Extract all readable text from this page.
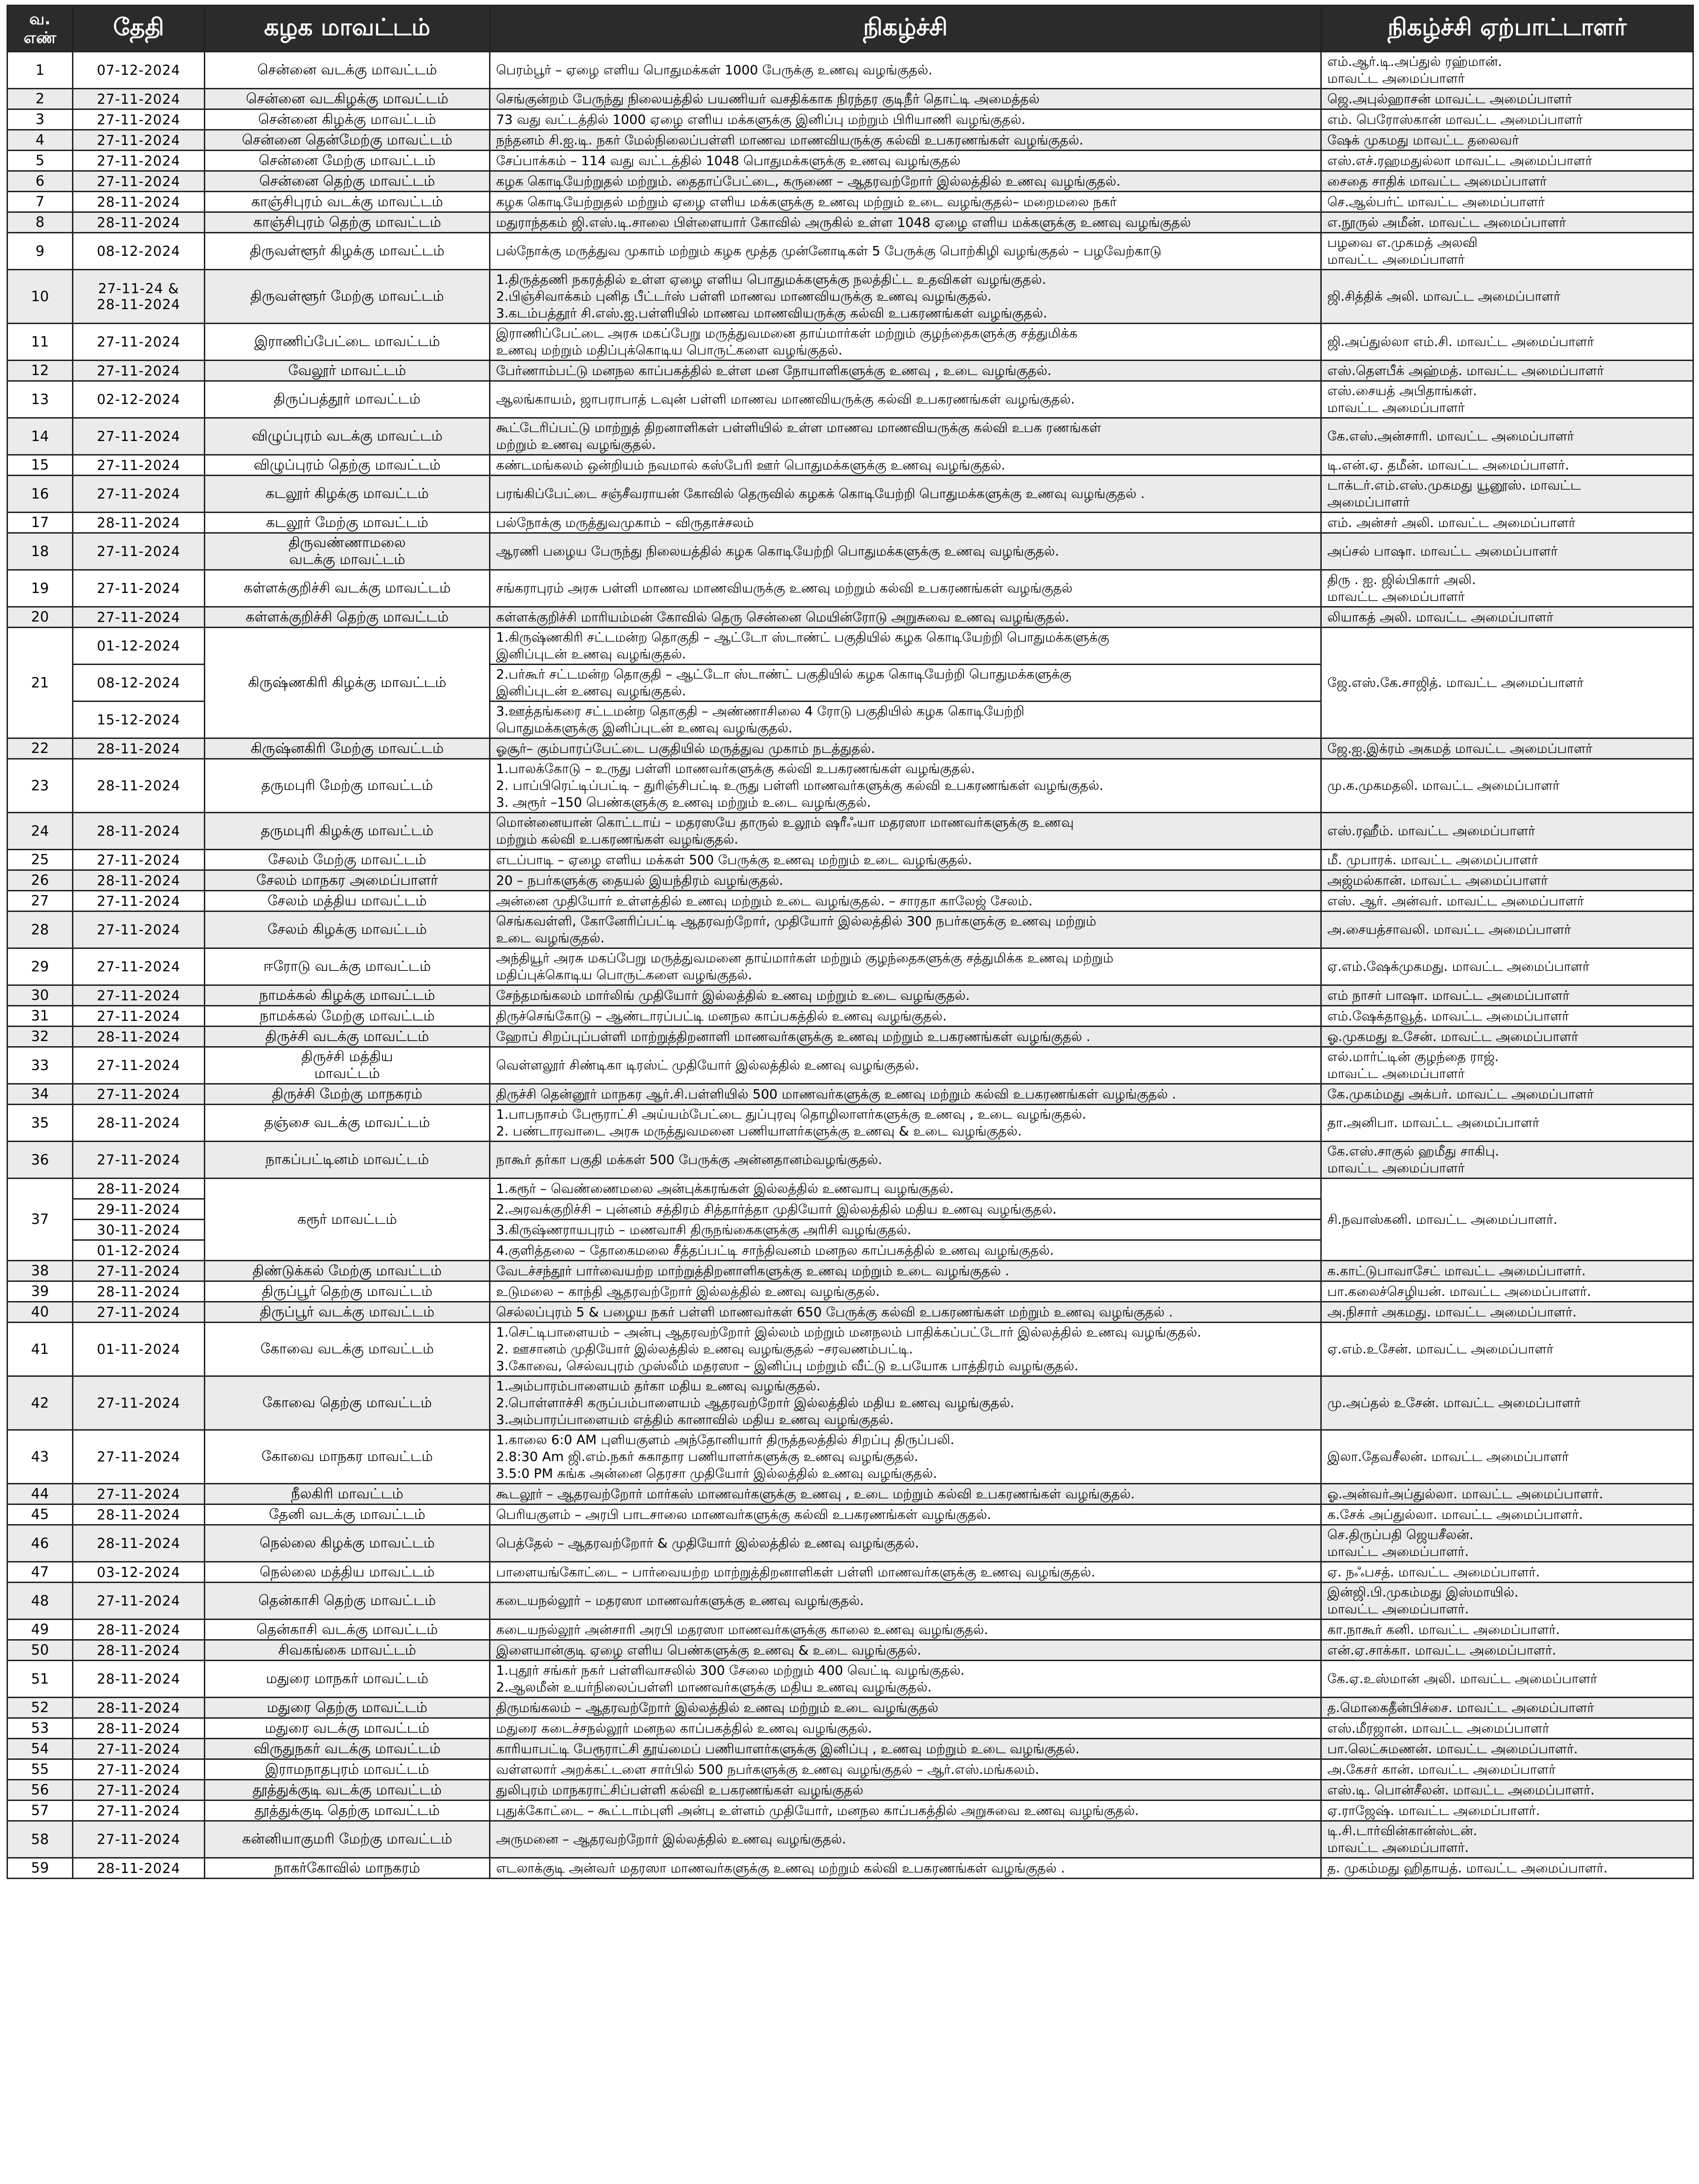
வ. எண்	தேதி	கழக மாவட்டம்	நிகழ்ச்சி	நிகழ்ச்சி ஏற்பாட்டாளர்
1	07-12-2024	சென்னை வடக்கு மாவட்டம்	பெரம்பூர் – ஏழை எளிய பொதுமக்கள் 1000 பேருக்கு உணவு வழங்குதல்.	எம்.ஆர்.டி.அப்துல் ரஹ்மான்.
மாவட்ட அமைப்பாளர்

2	27-11-2024	சென்னை வடகிழக்கு மாவட்டம்	செங்குன்றம் பேருந்து நிலையத்தில் பயணியர் வசதிக்காக நிரந்தர குடிநீர் தொட்டி அமைத்தல்	ஜெ.அபுல்ஹாசன் மாவட்ட அமைப்பாளர்

3	27-11-2024	சென்னை கிழக்கு மாவட்டம்	73 வது வட்டத்தில் 1000 ஏழை எளிய மக்களுக்கு இனிப்பு மற்றும் பிரியாணி வழங்குதல்.	எம். பெரோஸ்கான் மாவட்ட அமைப்பாளர்

4	27-11-2024	சென்னை தென்மேற்கு மாவட்டம்	நந்தனம் சி.ஐ.டி. நகர் மேல்நிலைப்பள்ளி மாணவ மாணவியருக்கு கல்வி உபகரணங்கள் வழங்குதல்.	ஷேக் முகமது மாவட்ட தலைவர்

5	27-11-2024	சென்னை மேற்கு மாவட்டம்	சேப்பாக்கம் – 114 வது வட்டத்தில் 1048 பொதுமக்களுக்கு உணவு வழங்குதல்	எஸ்.எச்.ரஹமதுல்லா மாவட்ட அமைப்பாளர்

6	27-11-2024	சென்னை தெற்கு மாவட்டம்	கழக கொடியேற்றுதல் மற்றும். தைதாப்பேட்டை, கருணை – ஆதரவற்றோர் இல்லத்தில் உணவு வழங்குதல்.	சைதை சாதிக் மாவட்ட அமைப்பாளர்

7	28-11-2024	காஞ்சிபுரம் வடக்கு மாவட்டம்	கழக கொடியேற்றுதல் மற்றும் ஏழை எளிய மக்களுக்கு உணவு மற்றும் உடை வழங்குதல்– மறைமலை நகர்	செ.ஆல்பர்ட் மாவட்ட அமைப்பாளர்

8	28-11-2024	காஞ்சிபுரம் தெற்கு மாவட்டம்	மதுராந்தகம் ஜி.எஸ்.டி.சாலை பிள்ளையார் கோவில் அருகில் உள்ள 1048 ஏழை எளிய மக்களுக்கு உணவு வழங்குதல்	எ.நூருல் அமீன். மாவட்ட அமைப்பாளர்

9	08-12-2024	திருவள்ளூர் கிழக்கு மாவட்டம்	பல்நோக்கு மருத்துவ முகாம் மற்றும் கழக மூத்த முன்னோடிகள் 5 பேருக்கு பொற்கிழி வழங்குதல் – பழவேற்காடு	பழவை எ.முகமத் அலவி
மாவட்ட அமைப்பாளர்

10	27-11-24 &
28-11-2024	திருவள்ளூர் மேற்கு மாவட்டம்	1.திருத்தணி நகரத்தில் உள்ள ஏழை எளிய பொதுமக்களுக்கு நலத்திட்ட உதவிகள் வழங்குதல்.
2.பிஞ்சிவாக்கம் புனித பீட்டர்ஸ் பள்ளி மாணவ மாணவியருக்கு உணவு வழங்குதல்.
3.கடம்பத்தூர் சி.எஸ்.ஐ.பள்ளியில் மாணவ மாணவியருக்கு கல்வி உபகரணங்கள் வழங்குதல்.	ஜி.சித்திக் அலி. மாவட்ட அமைப்பாளர்

11	27-11-2024	இராணிப்பேட்டை மாவட்டம்	இராணிப்பேட்டை அரசு மகப்பேறு மருத்துவமனை தாய்மார்கள் மற்றும் குழந்தைகளுக்கு சத்துமிக்க
உணவு மற்றும் மதிப்புக்கொடிய பொருட்களை வழங்குதல்.	ஜி.அப்துல்லா எம்.சி. மாவட்ட அமைப்பாளர்

12	27-11-2024	வேலூர் மாவட்டம்	பேர்ணாம்பட்டு மனநல காப்பகத்தில் உள்ள மன நோயாளிகளுக்கு உணவு , உடை வழங்குதல்.	எஸ்.தௌபீக் அஹ்மத். மாவட்ட அமைப்பாளர்

13	02-12-2024	திருப்பத்தூர் மாவட்டம்	ஆலங்காயம், ஜாபராபாத் டவுன் பள்ளி மாணவ மாணவியருக்கு கல்வி உபகரணங்கள் வழங்குதல்.	எஸ்.சையத் அபிதாங்கள்.
மாவட்ட அமைப்பாளர்

14	27-11-2024	விழுப்புரம் வடக்கு மாவட்டம்	கூட்டேரிப்பட்டு மாற்றுத் திறனாளிகள் பள்ளியில் உள்ள மாணவ மாணவியருக்கு கல்வி உபக ரணங்கள்
மற்றும் உணவு வழங்குதல்.	கே.எஸ்.அன்சாரி. மாவட்ட அமைப்பாளர்

15	27-11-2024	விழுப்புரம் தெற்கு மாவட்டம்	கண்டமங்கலம் ஒன்றியம் நவமால் கஸ்பேரி ஊர் பொதுமக்களுக்கு உணவு வழங்குதல்.	டி.என்.ஏ. தமீன். மாவட்ட அமைப்பாளர்.

16	27-11-2024	கடலூர் கிழக்கு மாவட்டம்	பரங்கிப்பேட்டை சஞ்சீவராயன் கோவில் தெருவில் கழகக் கொடியேற்றி பொதுமக்களுக்கு உணவு வழங்குதல் .	டாக்டர்.எம்.எஸ்.முகமது யூனூஸ். மாவட்ட
அமைப்பாளர்

17	28-11-2024	கடலூர் மேற்கு மாவட்டம்	பல்நோக்கு மருத்துவமுகாம் – விருதாச்சலம்	எம். அன்சர் அலி. மாவட்ட அமைப்பாளர்

18	27-11-2024	திருவண்ணாமலை
வடக்கு மாவட்டம்	ஆரணி பழைய பேருந்து நிலையத்தில் கழக கொடியேற்றி பொதுமக்களுக்கு உணவு வழங்குதல்.	அப்சல் பாஷா. மாவட்ட அமைப்பாளர்

19	27-11-2024	கள்ளக்குறிச்சி வடக்கு மாவட்டம்	சங்கராபுரம் அரசு பள்ளி மாணவ மாணவியருக்கு உணவு மற்றும் கல்வி உபகரணங்கள் வழங்குதல்	திரு . ஐ. ஜில்பிகார் அலி.
மாவட்ட அமைப்பாளர்

20	27-11-2024	கள்ளக்குறிச்சி தெற்கு மாவட்டம்	கள்ளக்குறிச்சி மாரியம்மன் கோவில் தெரு சென்னை மெயின்ரோடு அறுசுவை உணவு வழங்குதல்.	லியாகத் அலி. மாவட்ட அமைப்பாளர்

21	01-12-2024	கிருஷ்ணகிரி கிழக்கு மாவட்டம்	1.கிருஷ்ணகிரி சட்டமன்ற தொகுதி – ஆட்டோ ஸ்டாண்ட் பகுதியில் கழக கொடியேற்றி பொதுமக்களுக்கு
இனிப்புடன் உணவு வழங்குதல்.	ஜே.எஸ்.கே.சாஜித். மாவட்ட அமைப்பாளர்

	08-12-2024		2.பர்கூர் சட்டமன்ற தொகுதி – ஆட்டோ ஸ்டாண்ட் பகுதியில் கழக கொடியேற்றி பொதுமக்களுக்கு
இனிப்புடன் உணவு வழங்குதல்.	

	15-12-2024		3.ஊத்தங்கரை சட்டமன்ற தொகுதி – அண்ணாசிலை 4 ரோடு பகுதியில் கழக கொடியேற்றி
பொதுமக்களுக்கு இனிப்புடன் உணவு வழங்குதல்.	

22	28-11-2024	கிருஷ்னகிரி மேற்கு மாவட்டம்	ஓசூர்– கும்பாரப்பேட்டை பகுதியில் மருத்துவ முகாம் நடத்துதல்.	ஜே.ஐ.இக்ரம் அகமத் மாவட்ட அமைப்பாளர்

23	28-11-2024	தருமபுரி மேற்கு மாவட்டம்	1.பாலக்கோடு – உருது பள்ளி மாணவர்களுக்கு கல்வி உபகரணங்கள் வழங்குதல்.
2. பாப்பிரெட்டிப்பட்டி – துரிஞ்சிபட்டி உருது பள்ளி மாணவர்களுக்கு கல்வி உபகரணங்கள் வழங்குதல்.
3. அரூர் –150 பெண்களுக்கு உணவு மற்றும் உடை வழங்குதல்.	மு.க.முகமதலி. மாவட்ட அமைப்பாளர்

24	28-11-2024	தருமபுரி கிழக்கு மாவட்டம்	மொன்னையான் கொட்டாய் – மதரஸயே தாருல் உலூம் ஷரீஃயா மதரஸா மாணவர்களுக்கு உணவு
மற்றும் கல்வி உபகரணங்கள் வழங்குதல்.	எஸ்.ரஹீம். மாவட்ட அமைப்பாளர்

25	27-11-2024	சேலம் மேற்கு மாவட்டம்	எடப்பாடி – ஏழை எளிய மக்கள் 500 பேருக்கு உணவு மற்றும் உடை வழங்குதல்.	மீ. முபாரக். மாவட்ட அமைப்பாளர்

26	28-11-2024	சேலம் மாநகர அமைப்பாளர்	20 – நபர்களுக்கு தையல் இயந்திரம் வழங்குதல்.	அஜ்மல்கான். மாவட்ட அமைப்பாளர்

27	27-11-2024	சேலம் மத்திய மாவட்டம்	அன்னை முதியோர் உள்ளத்தில் உணவு மற்றும் உடை வழங்குதல். – சாரதா காலேஜ் சேலம்.	எஸ். ஆர். அன்வர். மாவட்ட அமைப்பாளர்

28	27-11-2024	சேலம் கிழக்கு மாவட்டம்	செங்கவள்ளி, கோனேரிப்பட்டி ஆதரவற்றோர், முதியோர் இல்லத்தில் 300 நபர்களுக்கு உணவு மற்றும்
உடை வழங்குதல்.	அ.சையத்சாவலி. மாவட்ட அமைப்பாளர்

29	27-11-2024	ஈரோடு வடக்கு மாவட்டம்	அந்தியூர் அரசு மகப்பேறு மருத்துவமனை தாய்மார்கள் மற்றும் குழந்தைகளுக்கு சத்துமிக்க உணவு மற்றும்
மதிப்புக்கொடிய பொருட்களை வழங்குதல்.	ஏ.எம்.ஷேக்முகமது. மாவட்ட அமைப்பாளர்

30	27-11-2024	நாமக்கல் கிழக்கு மாவட்டம்	சேந்தமங்கலம் மார்லிங் முதியோர் இல்லத்தில் உணவு மற்றும் உடை வழங்குதல்.	எம் நாசர் பாஷா. மாவட்ட அமைப்பாளர்

31	27-11-2024	நாமக்கல் மேற்கு மாவட்டம்	திருச்செங்கோடு – ஆண்டாரப்பட்டி மனநல காப்பகத்தில் உணவு வழங்குதல்.	எம்.ஷேக்தாவூத். மாவட்ட அமைப்பாளர்

32	28-11-2024	திருச்சி வடக்கு மாவட்டம்	ஹோப் சிறப்புப்பள்ளி மாற்றுத்திறனாளி மாணவர்களுக்கு உணவு மற்றும் உபகரணங்கள் வழங்குதல் .	ஓ.முகமது உசேன். மாவட்ட அமைப்பாளர்

33	27-11-2024	திருச்சி மத்திய
மாவட்டம்	வெள்ளலூர் சிண்டிகா டிரஸ்ட் முதியோர் இல்லத்தில் உணவு வழங்குதல்.	எல்.மார்ட்டின் குழந்தை ராஜ்.
மாவட்ட அமைப்பாளர்

34	27-11-2024	திருச்சி மேற்கு மாநகரம்	திருச்சி தென்னூர் மாநகர ஆர்.சி.பள்ளியில் 500 மாணவர்களுக்கு உணவு மற்றும் கல்வி உபகரணங்கள் வழங்குதல் .	கே.முகம்மது அக்பர். மாவட்ட அமைப்பாளர்

35	28-11-2024	தஞ்சை வடக்கு மாவட்டம்	1.பாபநாசம் பேரூராட்சி அய்யம்பேட்டை துப்புரவு தொழிலாளர்களுக்கு உணவு , உடை வழங்குதல்.
2. பண்டாரவாடை அரசு மருத்துவமனை பணியாளர்களுக்கு உணவு & உடை வழங்குதல்.	தா.அனிபா. மாவட்ட அமைப்பாளர்

36	27-11-2024	நாகப்பட்டினம் மாவட்டம்	நாகூர் தர்கா பகுதி மக்கள் 500 பேருக்கு அன்னதானம்வழங்குதல்.	கே.எஸ்.சாகுல் ஹமீது சாகிபு.
மாவட்ட அமைப்பாளர்

37	28-11-2024	கரூர் மாவட்டம்	1.கரூர் – வெண்ணைமலை அன்புக்கரங்கள் இல்லத்தில் உணவாபு வழங்குதல்.	சி.நவாஸ்கனி. மாவட்ட அமைப்பாளர்.

	29-11-2024		2.அரவக்குறிச்சி – புன்னம் சத்திரம் சித்தார்த்தா முதியோர் இல்லத்தில் மதிய உணவு வழங்குதல்.	

	30-11-2024		3.கிருஷ்ணராயபுரம் – மணவாசி திருநங்கைகளுக்கு அரிசி வழங்குதல்.	

	01-12-2024		4.குளித்தலை – தோகைமலை சீத்தப்பட்டி சாந்திவனம் மனநல காப்பகத்தில் உணவு வழங்குதல்.	

38	27-11-2024	திண்டுக்கல் மேற்கு மாவட்டம்	வேடச்சந்தூர் பார்வையற்ற மாற்றுத்திறனாளிகளுக்கு உணவு மற்றும் உடை வழங்குதல் .	க.காட்டுபாவாசேட் மாவட்ட அமைப்பாளர்.

39	28-11-2024	திருப்பூர் தெற்கு மாவட்டம்	உடுமலை – காந்தி ஆதரவற்றோர் இல்லத்தில் உணவு வழங்குதல்.	பா.கலைச்செழியன். மாவட்ட அமைப்பாளர்.

40	27-11-2024	திருப்பூர் வடக்கு மாவட்டம்	செல்லப்புரம் 5 & பழைய நகர் பள்ளி மாணவர்கள் 650 பேருக்கு கல்வி உபகரணங்கள் மற்றும் உணவு வழங்குதல் .	அ.நிசார் அகமது. மாவட்ட அமைப்பாளர்.

41	01-11-2024	கோவை வடக்கு மாவட்டம்	1.செட்டிபாளையம் – அன்பு ஆதரவற்றோர் இல்லம் மற்றும் மனநலம் பாதிக்கப்பட்டோர் இல்லத்தில் உணவு வழங்குதல்.
2. ஊசானம் முதியோர் இல்லத்தில் உணவு வழங்குதல் –சரவணம்பட்டி.
3.கோவை, செல்வபுரம் முஸ்லீம் மதரஸா – இனிப்பு மற்றும் வீட்டு உபயோக பாத்திரம் வழங்குதல்.	ஏ.எம்.உசேன். மாவட்ட அமைப்பாளர்

42	27-11-2024	கோவை தெற்கு மாவட்டம்	1.அம்பாரம்பாளையம் தர்கா மதிய உணவு வழங்குதல்.
2.பொள்ளாச்சி கருப்பம்பாளையம் ஆதரவற்றோர் இல்லத்தில் மதிய உணவு வழங்குதல்.
3.அம்பாரப்பாளையம் எத்திம் கானாவில் மதிய உணவு வழங்குதல்.	மு.அப்தல் உசேன். மாவட்ட அமைப்பாளர்

43	27-11-2024	கோவை மாநகர மாவட்டம்	1.காலை 6:0 AM புளியகுளம் அந்தோனியார் திருத்தலத்தில் சிறப்பு திருப்பலி.
2.8:30 Am ஜி.எம்.நகர் சுகாதார பணியாளர்களுக்கு உணவு வழங்குதல்.
3.5:0 PM சுங்க அன்னை தெரசா முதியோர் இல்லத்தில் உணவு வழங்குதல்.	இலா.தேவசீலன். மாவட்ட அமைப்பாளர்

44	27-11-2024	நீலகிரி மாவட்டம்	கூடலூர் – ஆதரவற்றோர் மார்கஸ் மாணவர்களுக்கு உணவு , உடை மற்றும் கல்வி உபகரணங்கள் வழங்குதல்.	ஓ.அன்வர்அப்துல்லா. மாவட்ட அமைப்பாளர்.

45	28-11-2024	தேனி வடக்கு மாவட்டம்	பெரியகுளம் – அரபி பாடசாலை மாணவர்களுக்கு கல்வி உபகரணங்கள் வழங்குதல்.	க.சேக் அப்துல்லா. மாவட்ட அமைப்பாளர்.

46	28-11-2024	நெல்லை கிழக்கு மாவட்டம்	பெத்தேல் – ஆதரவற்றோர் & முதியோர் இல்லத்தில் உணவு வழங்குதல்.	செ.திருப்பதி ஜெயசீலன்.
மாவட்ட அமைப்பாளர்.

47	03-12-2024	நெல்லை மத்திய மாவட்டம்	பாளையங்கோட்டை – பார்வையற்ற மாற்றுத்திறனாளிகள் பள்ளி மாணவர்களுக்கு உணவு வழங்குதல்.	ஏ. நஃபசத். மாவட்ட அமைப்பாளர்.

48	27-11-2024	தென்காசி தெற்கு மாவட்டம்	கடையநல்லூர் – மதரஸா மாணவர்களுக்கு உணவு வழங்குதல்.	இன்ஜி.பி.முகம்மது இஸ்மாயில்.
மாவட்ட அமைப்பாளர்.

49	28-11-2024	தென்காசி வடக்கு மாவட்டம்	கடையநல்லூர் அன்சாரி அரபி மதரஸா மாணவர்களுக்கு காலை உணவு வழங்குதல்.	கா.நாகூர் கனி. மாவட்ட அமைப்பாளர்.

50	28-11-2024	சிவகங்கை மாவட்டம்	இளையான்குடி ஏழை எளிய பெண்களுக்கு உணவு & உடை வழங்குதல்.	என்.ஏ.சாக்கா. மாவட்ட அமைப்பாளர்.

51	28-11-2024	மதுரை மாநகர் மாவட்டம்	1.புதூர் சங்கர் நகர் பள்ளிவாசலில் 300 சேலை மற்றும் 400 வெட்டி வழங்குதல்.
2.ஆலமீன் உயர்நிலைப்பள்ளி மாணவர்களுக்கு மதிய உணவு வழங்குதல்.	கே.ஏ.உஸ்மான் அலி. மாவட்ட அமைப்பாளர்

52	28-11-2024	மதுரை தெற்கு மாவட்டம்	திருமங்கலம் – ஆதரவற்றோர் இல்லத்தில் உணவு மற்றும் உடை வழங்குதல்	த.மொகைதீன்பிச்சை. மாவட்ட அமைப்பாளர்

53	28-11-2024	மதுரை வடக்கு மாவட்டம்	மதுரை கடைச்சநல்லூர் மனநல காப்பகத்தில் உணவு வழங்குதல்.	எஸ்.மீரஜான். மாவட்ட அமைப்பாளர்

54	27-11-2024	விருதுநகர் வடக்கு மாவட்டம்	காரியாபட்டி பேரூராட்சி தூய்மைப் பணியாளர்களுக்கு இனிப்பு , உணவு மற்றும் உடை வழங்குதல்.	பா.லெட்சுமணன். மாவட்ட அமைப்பாளர்.

55	27-11-2024	இராமநாதபுரம் மாவட்டம்	வள்ளலார் அறக்கட்டளை சார்பில் 500 நபர்களுக்கு உணவு வழங்குதல் – ஆர்.எஸ்.மங்கலம்.	அ.கேசர் கான். மாவட்ட அமைப்பாளர்

56	27-11-2024	தூத்துக்குடி வடக்கு மாவட்டம்	துலிபுரம் மாநகராட்சிப்பள்ளி கல்வி உபகரணங்கள் வழங்குதல்	எஸ்.டி. பொன்சீலன். மாவட்ட அமைப்பாளர்.

57	27-11-2024	தூத்துக்குடி தெற்கு மாவட்டம்	புதுக்கோட்டை – கூட்டாம்புளி அன்பு உள்ளம் முதியோர், மனநல காப்பகத்தில் அறுசுவை உணவு வழங்குதல்.	ஏ.ராஜேஷ். மாவட்ட அமைப்பாளர்.

58	27-11-2024	கன்னியாகுமரி மேற்கு மாவட்டம்	அருமனை – ஆதரவற்றோர் இல்லத்தில் உணவு வழங்குதல்.	டி.சி.டார்வின்கான்ஸ்டன்.
மாவட்ட அமைப்பாளர்.

59	28-11-2024	நாகர்கோவில் மாநகரம்	எடலாக்குடி அன்வர் மதரஸா மாணவர்களுக்கு உணவு மற்றும் கல்வி உபகரணங்கள் வழங்குதல் .	த. முகம்மது ஹிதாயத். மாவட்ட அமைப்பாளர்.
